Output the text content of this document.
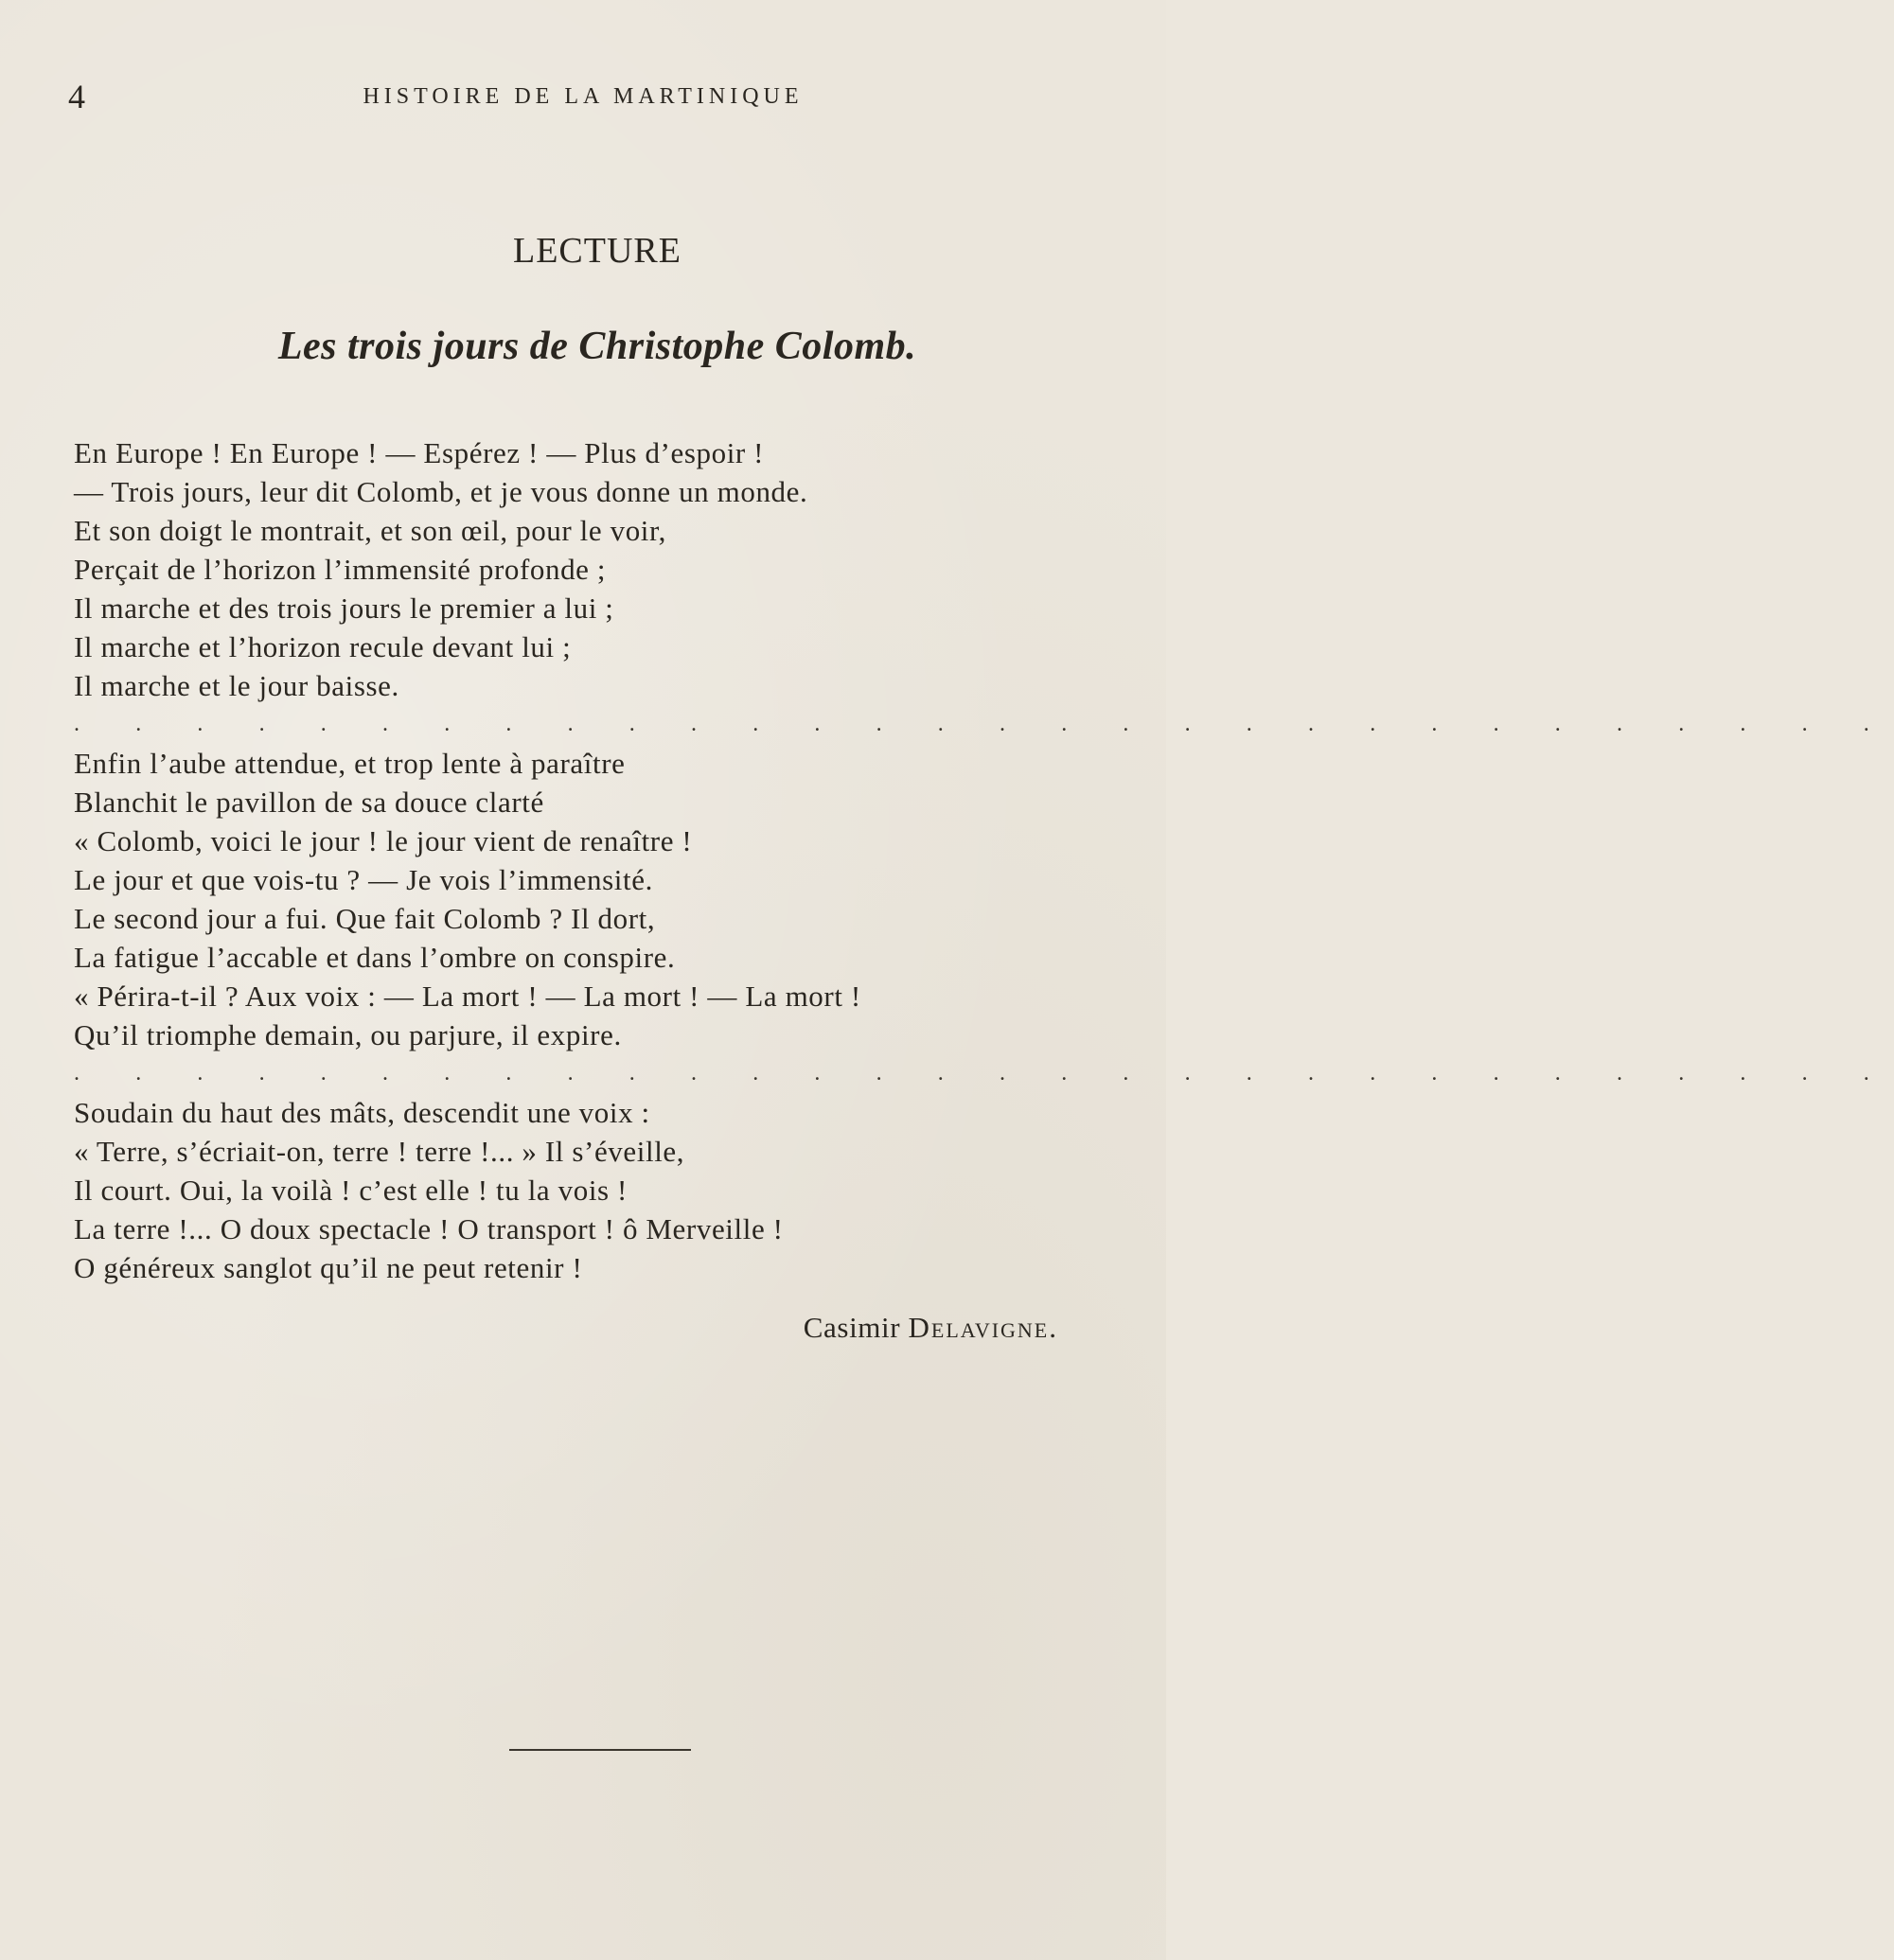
4	HISTOIRE DE LA MARTINIQUE
LECTURE
Les trois jours de Christophe Colomb.
En Europe ! En Europe ! — Espérez ! — Plus d’espoir !
— Trois jours, leur dit Colomb, et je vous donne un monde.
Et son doigt le montrait, et son œil, pour le voir,
Perçait de l’horizon l’immensité profonde ;
Il marche et des trois jours le premier a lui ;
Il marche et l’horizon recule devant lui ;
Il marche et le jour baisse.
. . . . . . . . . . . . . . . . . . . . . . . . . . . . . .
Enfin l’aube attendue, et trop lente à paraître
Blanchit le pavillon de sa douce clarté
« Colomb, voici le jour ! le jour vient de renaître !
Le jour et que vois-tu ? — Je vois l’immensité.
Le second jour a fui. Que fait Colomb ? Il dort,
La fatigue l’accable et dans l’ombre on conspire.
« Périra-t-il ? Aux voix : — La mort ! — La mort ! — La mort !
Qu’il triomphe demain, ou parjure, il expire.
. . . . . . . . . . . . . . . . . . . . . . . . . . . . . .
Soudain du haut des mâts, descendit une voix :
« Terre, s’écriait-on, terre ! terre !... » Il s’éveille,
Il court. Oui, la voilà ! c’est elle ! tu la vois !
La terre !... O doux spectacle ! O transport ! ô Merveille !
O généreux sanglot qu’il ne peut retenir !
Casimir Delavigne.
